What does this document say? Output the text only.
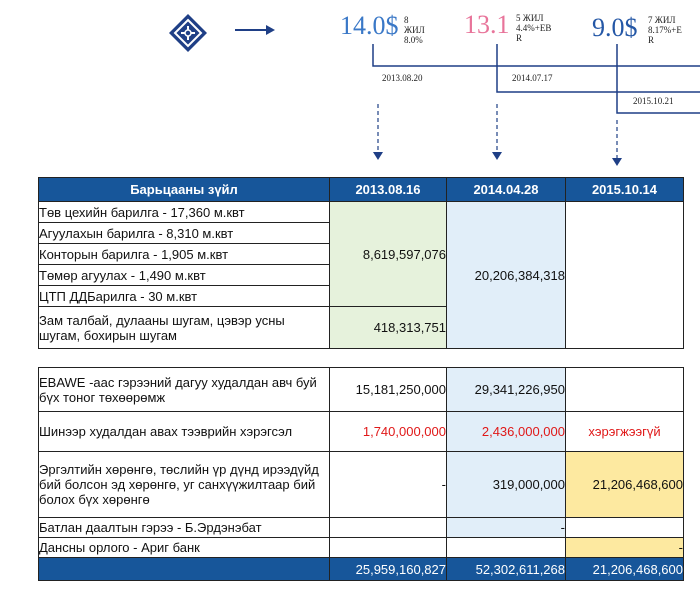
14.0$ 8
ЖИЛ
8.0%
13.1 5 ЖИЛ
4.4%+EB
R	9.0$ 7 ЖИЛ
8.17%+E
R
2013.08.20	2014.07.17
2015.10.21
Барьцааны зүйл	2013.08.16	2014.04.28	2015.10.14
Төв цехийн барилга - 17,360 м.квт	8,619,597,076	20,206,384,318	
Агуулахын барилга - 8,310 м.квт			
Конторын барилга - 1,905 м.квт			
Төмөр агуулах - 1,490 м.квт			
ЦТП ДДБарилга - 30 м.квт			
Зам талбай, дулааны шугам, цэвэр усны шугам, бохирын шугам	418,313,751		

EBAWE -аас гэрээний дагуу худалдан авч буй бүх тоног төхөөрөмж	15,181,250,000	29,341,226,950	
Шинээр худалдан авах тээврийн хэрэгсэл	1,740,000,000	2,436,000,000	хэрэгжээгүй
Эргэлтийн хөрөнгө, төслийн үр дүнд ирээдүйд бий болсон эд хөрөнгө, уг санхүүжилтаар бий болох бүх хөрөнгө	-	319,000,000	21,206,468,600
Батлан даалтын гэрээ - Б.Эрдэнэбат		-	
Дансны орлого - Ариг банк			-
	25,959,160,827	52,302,611,268	21,206,468,600
